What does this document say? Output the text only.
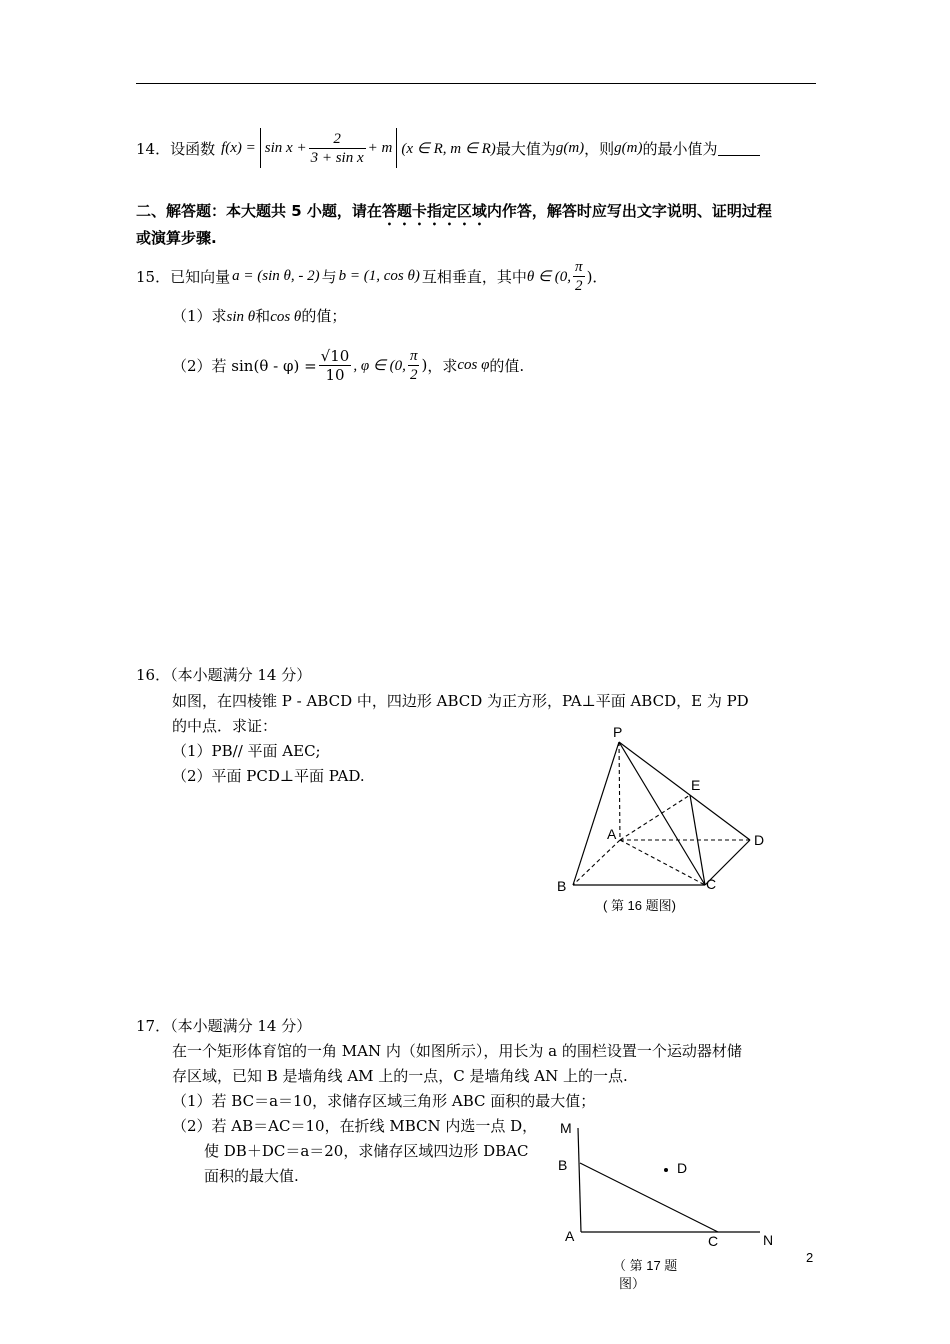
14． 设函数 $f(x) = \sin x + \frac{2}{\text{3 + sin x}} + m$ (x ∈ R, m ∈ R) 最大值为 g(m) ，则 g(m) 的最小值为
二、解答题：本大题共 5 小题，请在答题卡指定区域内作答，解答时应写出文字说明、证明过程
或演算步骤.
15． 已知向量 a = (sin θ, - 2) 与 b = (1, cos θ) 互相垂直，其中 θ ∈ (0, $\frac{\pi}{2}$ )．
（1）求sin θ和cos θ的值；
（2）若 $\sin(\theta - \varphi) = \frac{√10}{10}$ , φ ∈ (0, $\frac{\pi}{2}$ ) ，求 cos φ 的值.
16．（本小题满分 14 分）
如图，在四棱锥 P - ABCD 中，四边形 ABCD 为正方形，PA⊥平面 ABCD，E 为 PD
的中点．求证：
（1）PB// 平面 AEC;
（2）平面 PCD⊥平面 PAD.
P
E
A	D
B	C
( 第 16 题图)
17．（本小题满分 14 分）
在一个矩形体育馆的一角 MAN 内（如图所示），用长为 a 的围栏设置一个运动器材储
存区域，已知 B 是墙角线 AM 上的一点，C 是墙角线 AN 上的一点.
（1）若 BC＝a＝10，求储存区域三角形 ABC 面积的最大值；
（2）若 AB＝AC＝10，在折线 MBCN 内选一点 D，
使 DB＋DC＝a＝20，求储存区域四边形 DBAC
面积的最大值.
M
B	D
A	C	N
（ 第 17 题
图）
2
